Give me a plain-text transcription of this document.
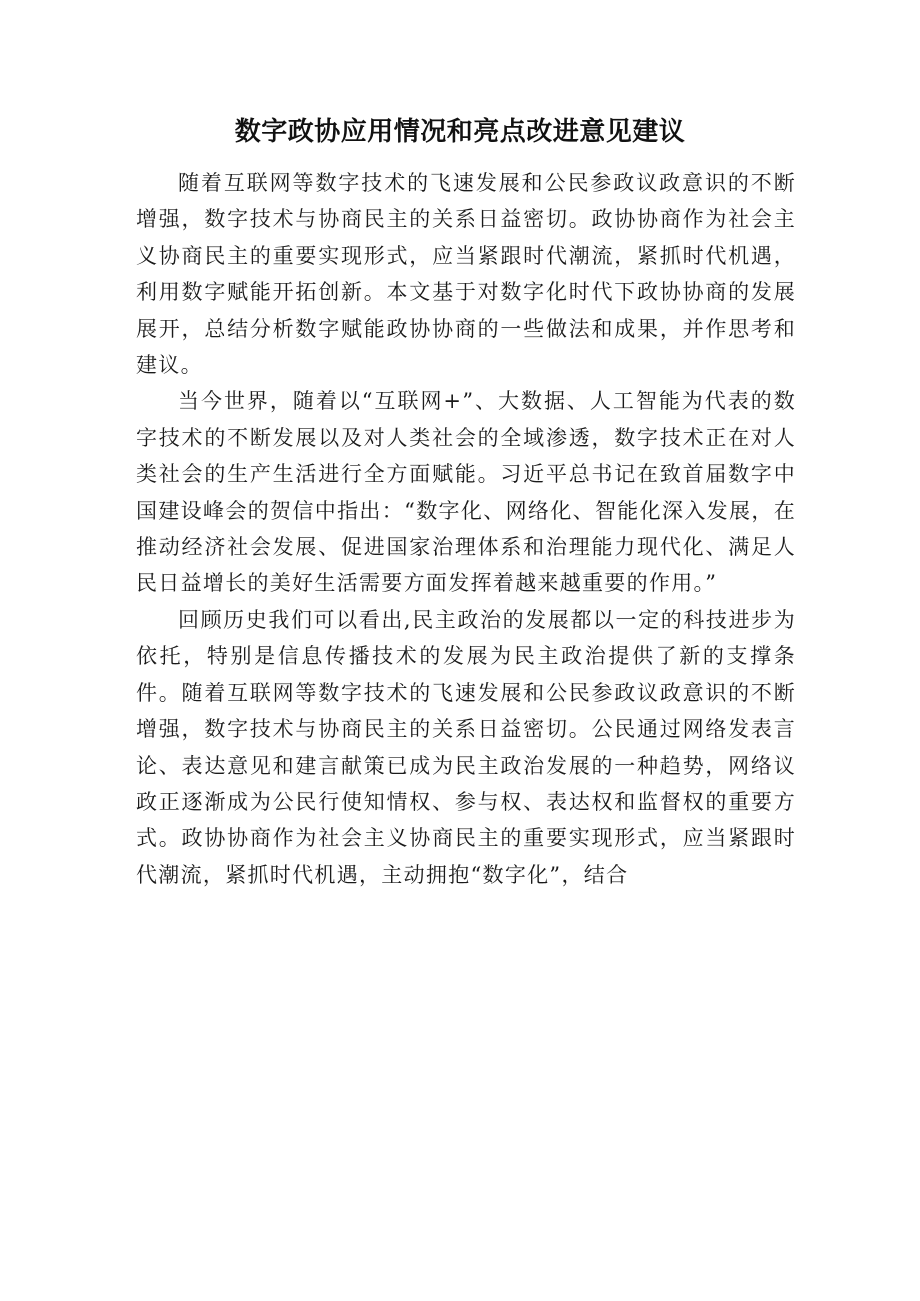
数字政协应用情况和亮点改进意见建议

随着互联网等数字技术的飞速发展和公民参政议政意识的不断增强，数字技术与协商民主的关系日益密切。政协协商作为社会主义协商民主的重要实现形式，应当紧跟时代潮流，紧抓时代机遇，利用数字赋能开拓创新。本文基于对数字化时代下政协协商的发展展开，总结分析数字赋能政协协商的一些做法和成果，并作思考和建议。

当今世界，随着以“互联网+”、大数据、人工智能为代表的数字技术的不断发展以及对人类社会的全域渗透，数字技术正在对人类社会的生产生活进行全方面赋能。习近平总书记在致首届数字中国建设峰会的贺信中指出：“数字化、网络化、智能化深入发展，在推动经济社会发展、促进国家治理体系和治理能力现代化、满足人民日益增长的美好生活需要方面发挥着越来越重要的作用。”

回顾历史我们可以看出,民主政治的发展都以一定的科技进步为依托，特别是信息传播技术的发展为民主政治提供了新的支撑条件。随着互联网等数字技术的飞速发展和公民参政议政意识的不断增强，数字技术与协商民主的关系日益密切。公民通过网络发表言论、表达意见和建言献策已成为民主政治发展的一种趋势，网络议政正逐渐成为公民行使知情权、参与权、表达权和监督权的重要方式。政协协商作为社会主义协商民主的重要实现形式，应当紧跟时代潮流，紧抓时代机遇，主动拥抱“数字化”，结合
